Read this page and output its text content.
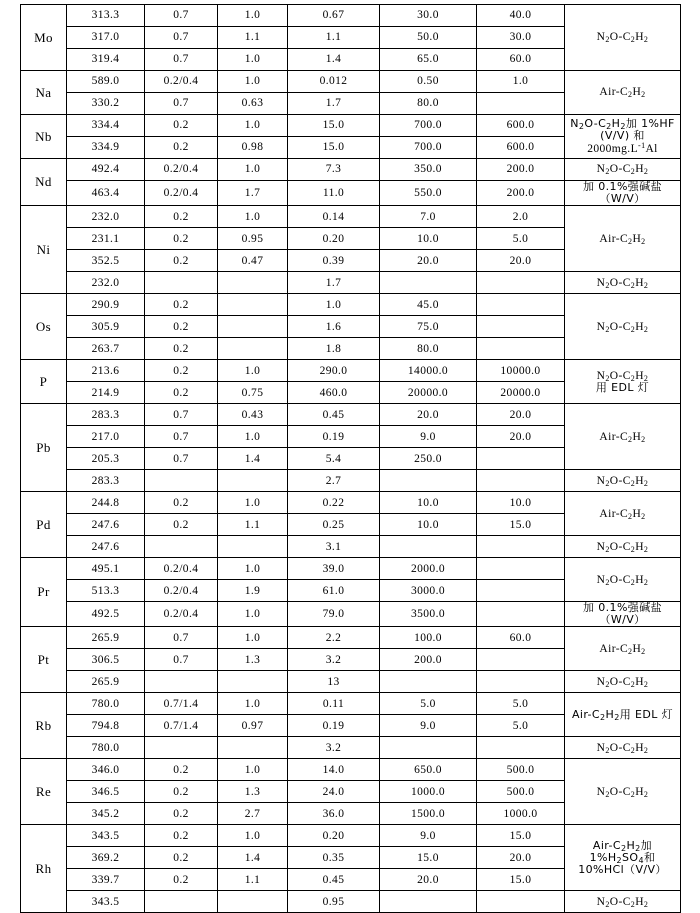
Mo	313.3	0.7	1.0	0.67	30.0	40.0	$N_2O-C_2H_2$
	317.0	0.7	1.1	1.1	50.0	30.0	
	319.4	0.7	1.0	1.4	65.0	60.0	
Na	589.0	0.2/0.4	1.0	0.012	0.50	1.0	Air-$C_2H_2$
	330.2	0.7	0.63	1.7	80.0		
Nb	334.4	0.2	1.0	15.0	700.0	600.0	$N_2O-C_2H_2$加 1%HF (V/V) 和
$2000mg.L^{-1}Al$

	334.9	0.2	0.98	15.0	700.0	600.0	
Nd	492.4	0.2/0.4	1.0	7.3	350.0	200.0	$N_2O-C_2H_2$
	463.4	0.2/0.4	1.7	11.0	550.0	200.0	加 0.1%强碱盐（W/V）
Ni	232.0	0.2	1.0	0.14	7.0	2.0	Air-$C_2H_2$
	231.1	0.2	0.95	0.20	10.0	5.0	
	352.5	0.2	0.47	0.39	20.0	20.0	
	232.0			1.7			$N_2O-C_2H_2$
Os	290.9	0.2		1.0	45.0		$N_2O-C_2H_2$
	305.9	0.2		1.6	75.0		
	263.7	0.2		1.8	80.0		
P	213.6	0.2	1.0	290.0	14000.0	10000.0	$N_2O-C_2H_2$
用 EDL 灯

	214.9	0.2	0.75	460.0	20000.0	20000.0	
Pb	283.3	0.7	0.43	0.45	20.0	20.0	Air-$C_2H_2$
	217.0	0.7	1.0	0.19	9.0	20.0	
	205.3	0.7	1.4	5.4	250.0		
	283.3			2.7			$N_2O-C_2H_2$
Pd	244.8	0.2	1.0	0.22	10.0	10.0	Air-$C_2H_2$
	247.6	0.2	1.1	0.25	10.0	15.0	
	247.6			3.1			$N_2O-C_2H_2$
Pr	495.1	0.2/0.4	1.0	39.0	2000.0		$N_2O-C_2H_2$
	513.3	0.2/0.4	1.9	61.0	3000.0		
	492.5	0.2/0.4	1.0	79.0	3500.0		加 0.1%强碱盐（W/V）
Pt	265.9	0.7	1.0	2.2	100.0	60.0	Air-$C_2H_2$
	306.5	0.7	1.3	3.2	200.0		
	265.9			13			$N_2O-C_2H_2$
Rb	780.0	0.7/1.4	1.0	0.11	5.0	5.0	Air-$C_2H_2$用 EDL 灯
	794.8	0.7/1.4	0.97	0.19	9.0	5.0	
	780.0			3.2			$N_2O-C_2H_2$
Re	346.0	0.2	1.0	14.0	650.0	500.0	$N_2O-C_2H_2$
	346.5	0.2	1.3	24.0	1000.0	500.0	
	345.2	0.2	2.7	36.0	1500.0	1000.0	
Rh	343.5	0.2	1.0	0.20	9.0	15.0	Air-$C_2H_2$加 $1\%H_2SO_4$和
10%HCl（V/V）

	369.2	0.2	1.4	0.35	15.0	20.0	
	339.7	0.2	1.1	0.45	20.0	15.0	
	343.5			0.95			$N_2O-C_2H_2$
